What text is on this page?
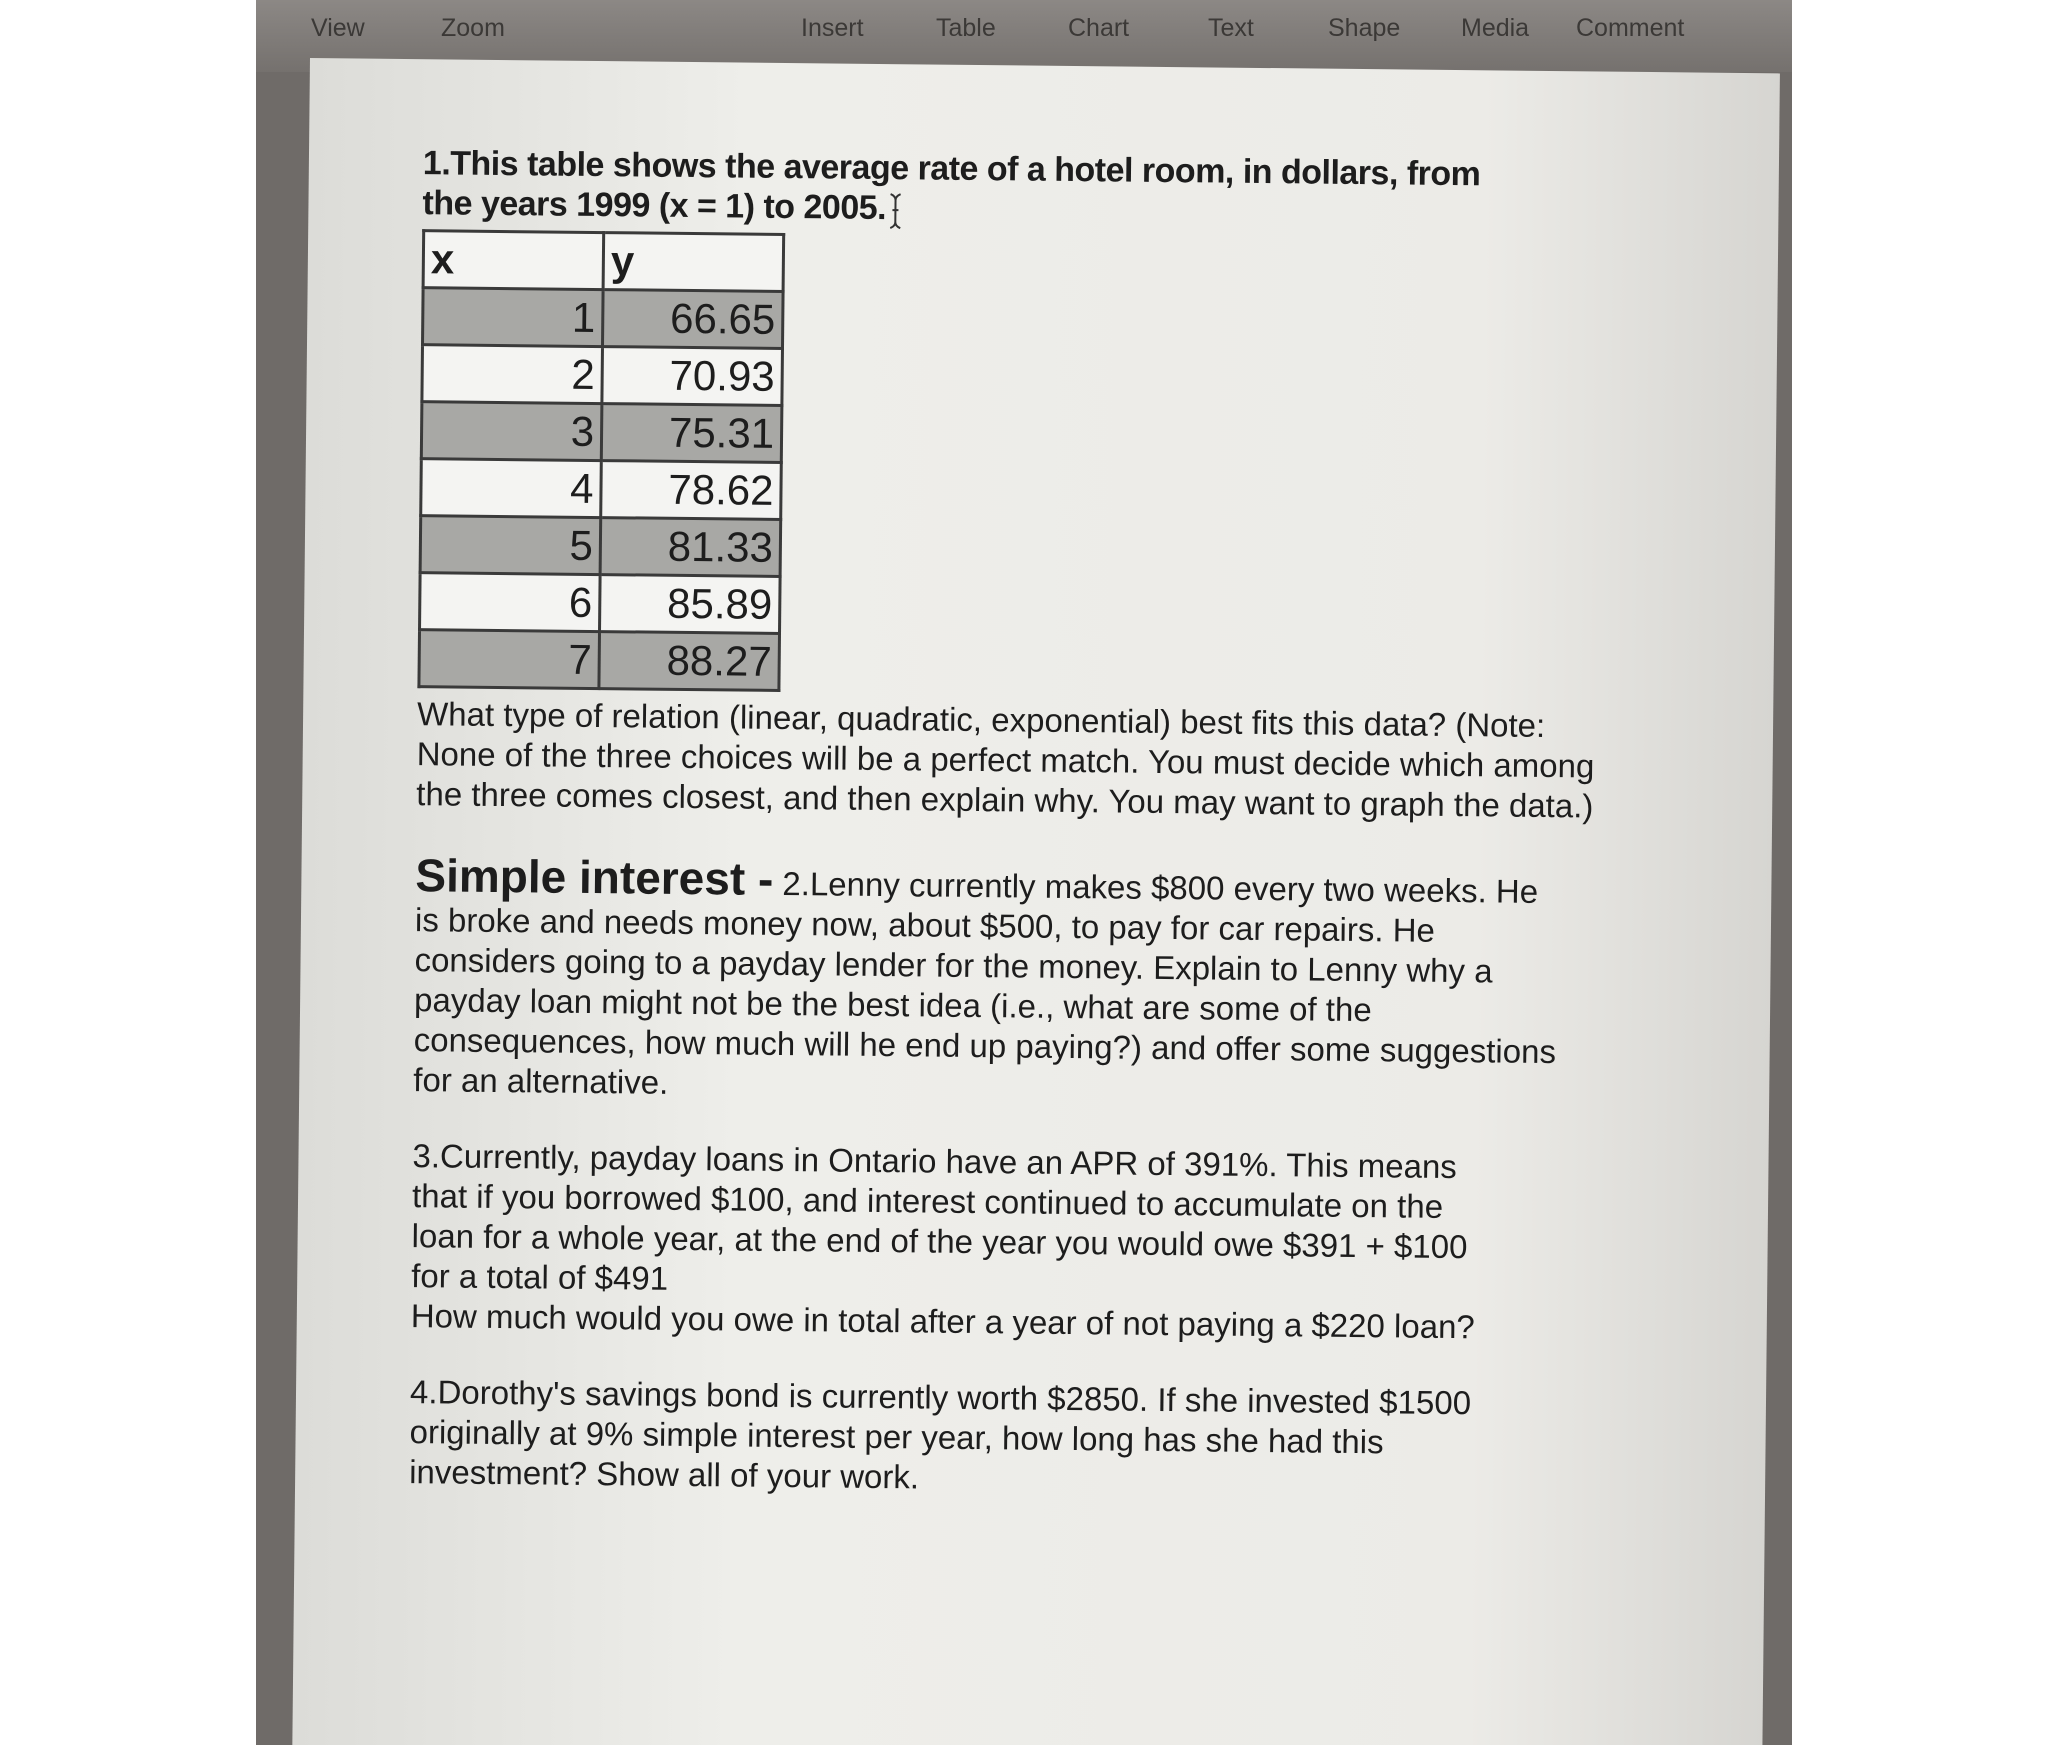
View	Zoom	Insert	Table	Chart	Text	Shape Media Comment
1.This table shows the average rate of a hotel room, in dollars, from the years 1999 (x = 1) to 2005.
x	y
1	66.65
2	70.93
3	75.31
4	78.62
5	81.33
6	85.89
7	88.27
What type of relation (linear, quadratic, exponential) best fits this data? (Note: None of the three choices will be a perfect match. You must decide which among the three comes closest, and then explain why. You may want to graph the data.)
Simple interest - 2.Lenny currently makes $800 every two weeks. He is broke and needs money now, about $500, to pay for car repairs. He considers going to a payday lender for the money. Explain to Lenny why a payday loan might not be the best idea (i.e., what are some of the consequences, how much will he end up paying?) and offer some suggestions for an alternative.
3.Currently, payday loans in Ontario have an APR of 391%. This means that if you borrowed $100, and interest continued to accumulate on the loan for a whole year, at the end of the year you would owe $391 + $100 for a total of $491
How much would you owe in total after a year of not paying a $220 loan?
4.Dorothy's savings bond is currently worth $2850. If she invested $1500 originally at 9% simple interest per year, how long has she had this investment? Show all of your work.
